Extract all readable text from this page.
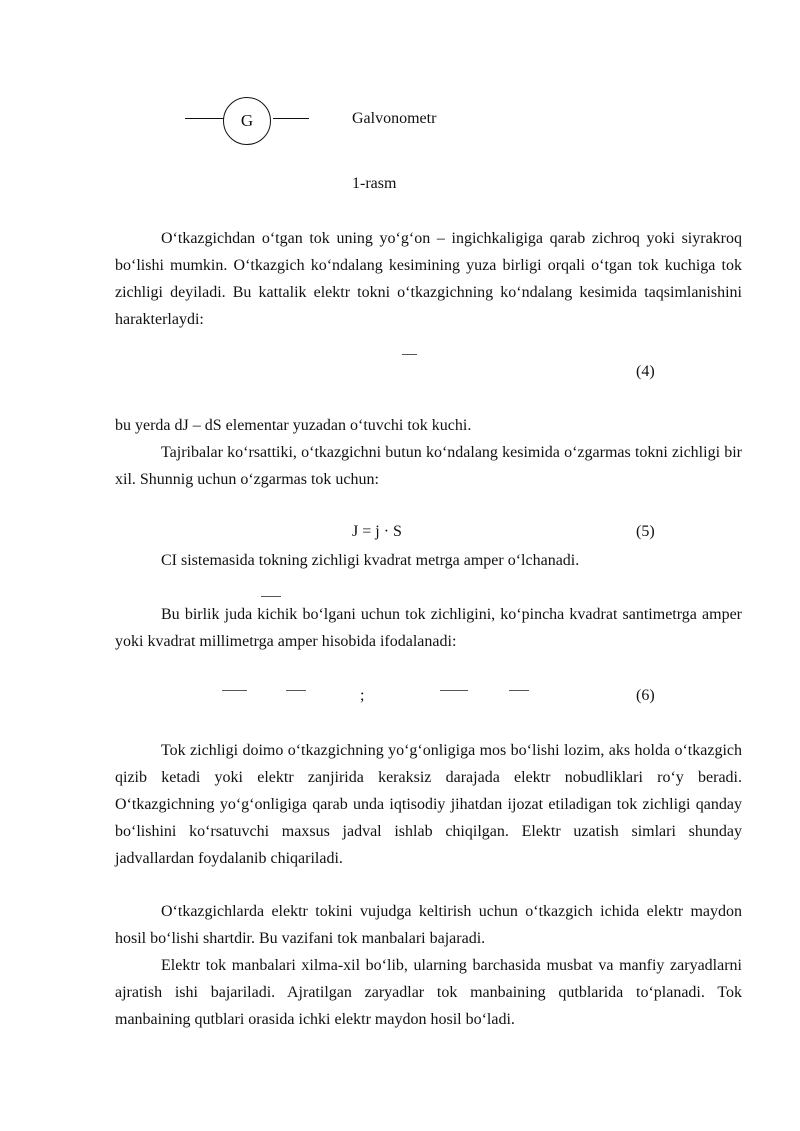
G	Galvonometr
1-rasm

O‘tkazgichdan o‘tgan tok uning yo‘g‘on – ingichkaligiga qarab zichroq yoki siyrakroq bo‘lishi mumkin. O‘tkazgich ko‘ndalang kesimining yuza birligi orqali o‘tgan tok kuchiga tok zichligi deyiladi. Bu kattalik elektr tokni o‘tkazgichning ko‘ndalang kesimida taqsimlanishini harakterlaydi:

(4)

bu yerda dJ – dS elementar yuzadan o‘tuvchi tok kuchi.

Tajribalar ko‘rsattiki, o‘tkazgichni butun ko‘ndalang kesimida o‘zgarmas tokni zichligi bir xil. Shunnig uchun o‘zgarmas tok uchun:

J = j · S	(5)

CI sistemasida tokning zichligi kvadrat metrga amper o‘lchanadi.

Bu birlik juda kichik bo‘lgani uchun tok zichligini, ko‘pincha kvadrat santimetrga amper yoki kvadrat millimetrga amper hisobida ifodalanadi:

;	(6)

Tok zichligi doimo o‘tkazgichning yo‘g‘onligiga mos bo‘lishi lozim, aks holda o‘tkazgich qizib ketadi yoki elektr zanjirida keraksiz darajada elektr nobudliklari ro‘y beradi. O‘tkazgichning yo‘g‘onligiga qarab unda iqtisodiy jihatdan ijozat etiladigan tok zichligi qanday bo‘lishini ko‘rsatuvchi maxsus jadval ishlab chiqilgan. Elektr uzatish simlari shunday jadvallardan foydalanib chiqariladi.

O‘tkazgichlarda elektr tokini vujudga keltirish uchun o‘tkazgich ichida elektr maydon hosil bo‘lishi shartdir. Bu vazifani tok manbalari bajaradi.

Elektr tok manbalari xilma-xil bo‘lib, ularning barchasida musbat va manfiy zaryadlarni ajratish ishi bajariladi. Ajratilgan zaryadlar tok manbaining qutblarida to‘planadi. Tok manbaining qutblari orasida ichki elektr maydon hosil bo‘ladi.
